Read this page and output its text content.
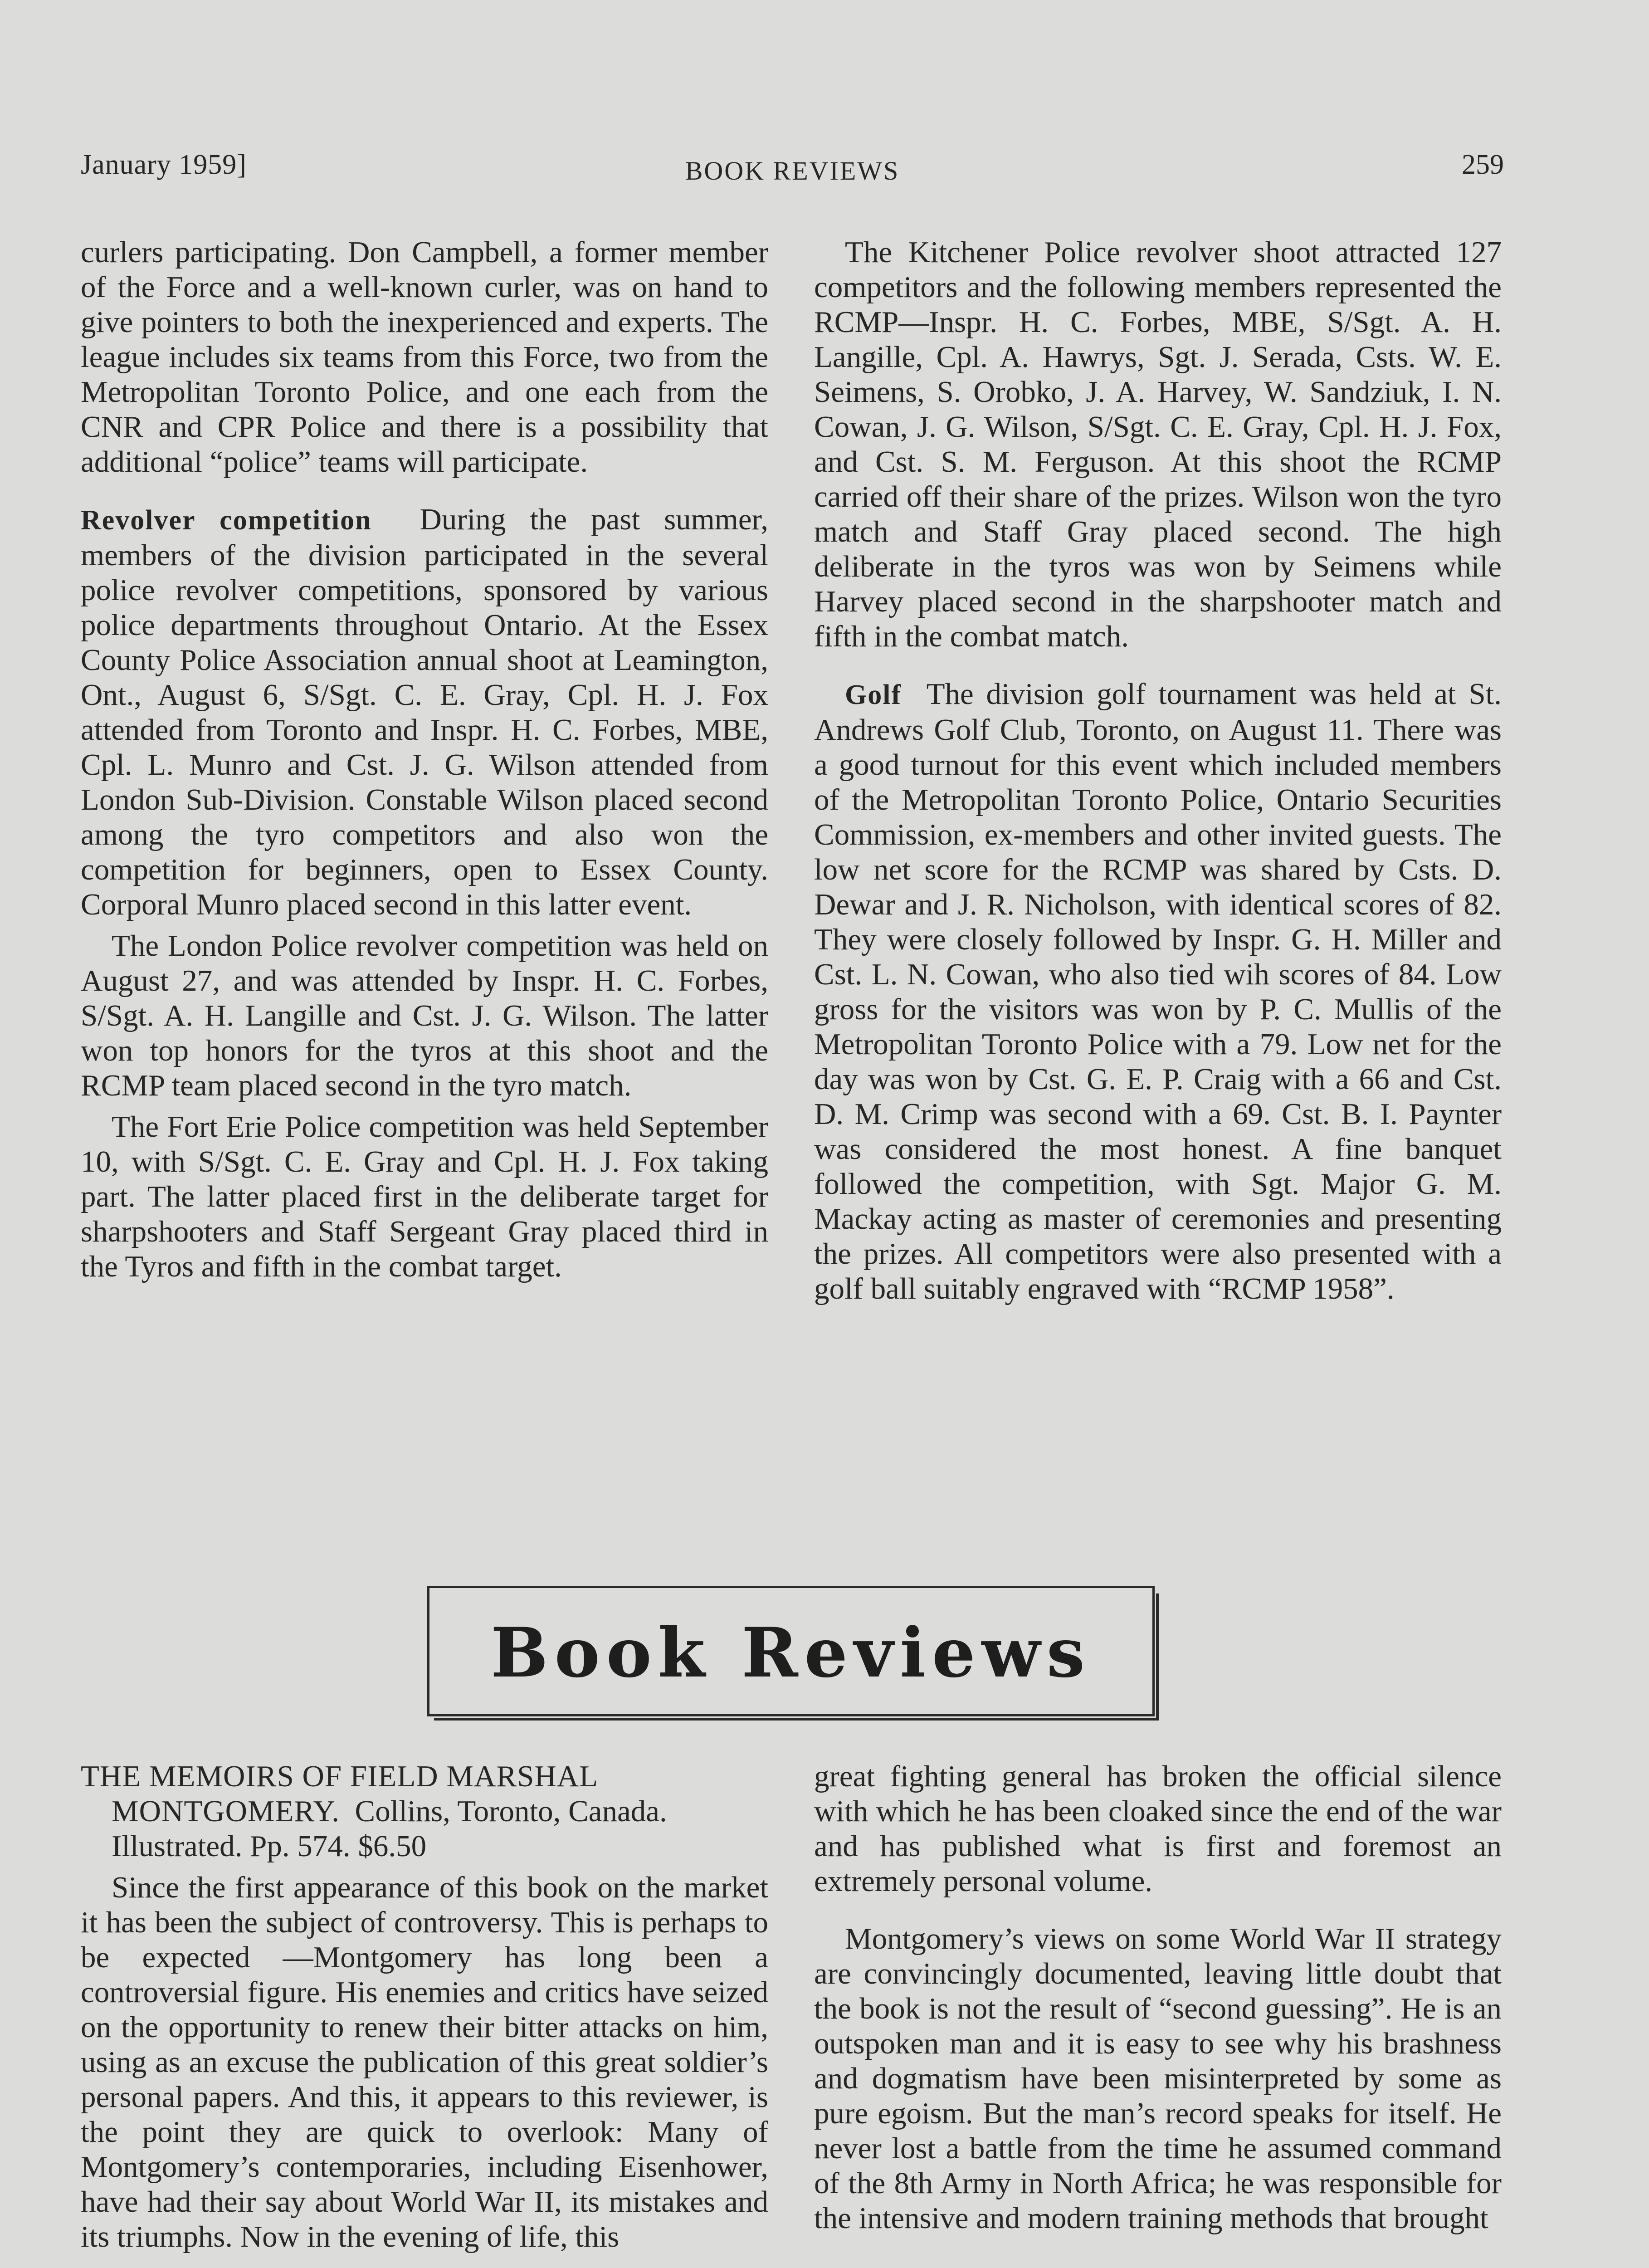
January 1959]	BOOK REVIEWS	259

curlers participating. Don Campbell, a former member of the Force and a well-known curler, was on hand to give pointers to both the inexperienced and experts. The league includes six teams from this Force, two from the Metropolitan Toronto Police, and one each from the CNR and CPR Police and there is a possibility that additional “police” teams will participate.

Revolver competition During the past summer, members of the division participated in the several police revolver competitions, sponsored by various police departments throughout Ontario. At the Essex County Police Association annual shoot at Leamington, Ont., August 6, S/Sgt. C. E. Gray, Cpl. H. J. Fox attended from Toronto and Inspr. H. C. Forbes, MBE, Cpl. L. Munro and Cst. J. G. Wilson attended from London Sub-Division. Constable Wilson placed second among the tyro competitors and also won the competition for beginners, open to Essex County. Corporal Munro placed second in this latter event.

The London Police revolver competition was held on August 27, and was attended by Inspr. H. C. Forbes, S/Sgt. A. H. Langille and Cst. J. G. Wilson. The latter won top honors for the tyros at this shoot and the RCMP team placed second in the tyro match.

The Fort Erie Police competition was held September 10, with S/Sgt. C. E. Gray and Cpl. H. J. Fox taking part. The latter placed first in the deliberate target for sharpshooters and Staff Sergeant Gray placed third in the Tyros and fifth in the combat target.

The Kitchener Police revolver shoot attracted 127 competitors and the following members represented the RCMP—Inspr. H. C. Forbes, MBE, S/Sgt. A. H. Langille, Cpl. A. Hawrys, Sgt. J. Serada, Csts. W. E. Seimens, S. Orobko, J. A. Harvey, W. Sandziuk, I. N. Cowan, J. G. Wilson, S/Sgt. C. E. Gray, Cpl. H. J. Fox, and Cst. S. M. Ferguson. At this shoot the RCMP carried off their share of the prizes. Wilson won the tyro match and Staff Gray placed second. The high deliberate in the tyros was won by Seimens while Harvey placed second in the sharpshooter match and fifth in the combat match.

Golf The division golf tournament was held at St. Andrews Golf Club, Toronto, on August 11. There was a good turnout for this event which included members of the Metropolitan Toronto Police, Ontario Securities Commission, ex-members and other invited guests. The low net score for the RCMP was shared by Csts. D. Dewar and J. R. Nicholson, with identical scores of 82. They were closely followed by Inspr. G. H. Miller and Cst. L. N. Cowan, who also tied wih scores of 84. Low gross for the visitors was won by P. C. Mullis of the Metropolitan Toronto Police with a 79. Low net for the day was won by Cst. G. E. P. Craig with a 66 and Cst. D. M. Crimp was second with a 69. Cst. B. I. Paynter was considered the most honest. A fine banquet followed the competition, with Sgt. Major G. M. Mackay acting as master of ceremonies and presenting the prizes. All competitors were also presented with a golf ball suitably engraved with “RCMP 1958”.

Book Reviews

THE MEMOIRS OF FIELD MARSHAL MONTGOMERY. Collins, Toronto, Canada. Illustrated. Pp. 574. $6.50

Since the first appearance of this book on the market it has been the subject of controversy. This is perhaps to be expected —Montgomery has long been a controversial figure. His enemies and critics have seized on the opportunity to renew their bitter attacks on him, using as an excuse the publication of this great soldier’s personal papers. And this, it appears to this reviewer, is the point they are quick to overlook: Many of Montgomery’s contemporaries, including Eisenhower, have had their say about World War II, its mistakes and its triumphs. Now in the evening of life, this

great fighting general has broken the official silence with which he has been cloaked since the end of the war and has published what is first and foremost an extremely personal volume.

Montgomery’s views on some World War II strategy are convincingly documented, leaving little doubt that the book is not the result of “second guessing”. He is an outspoken man and it is easy to see why his brashness and dogmatism have been misinterpreted by some as pure egoism. But the man’s record speaks for itself. He never lost a battle from the time he assumed command of the 8th Army in North Africa; he was responsible for the intensive and modern training methods that brought
